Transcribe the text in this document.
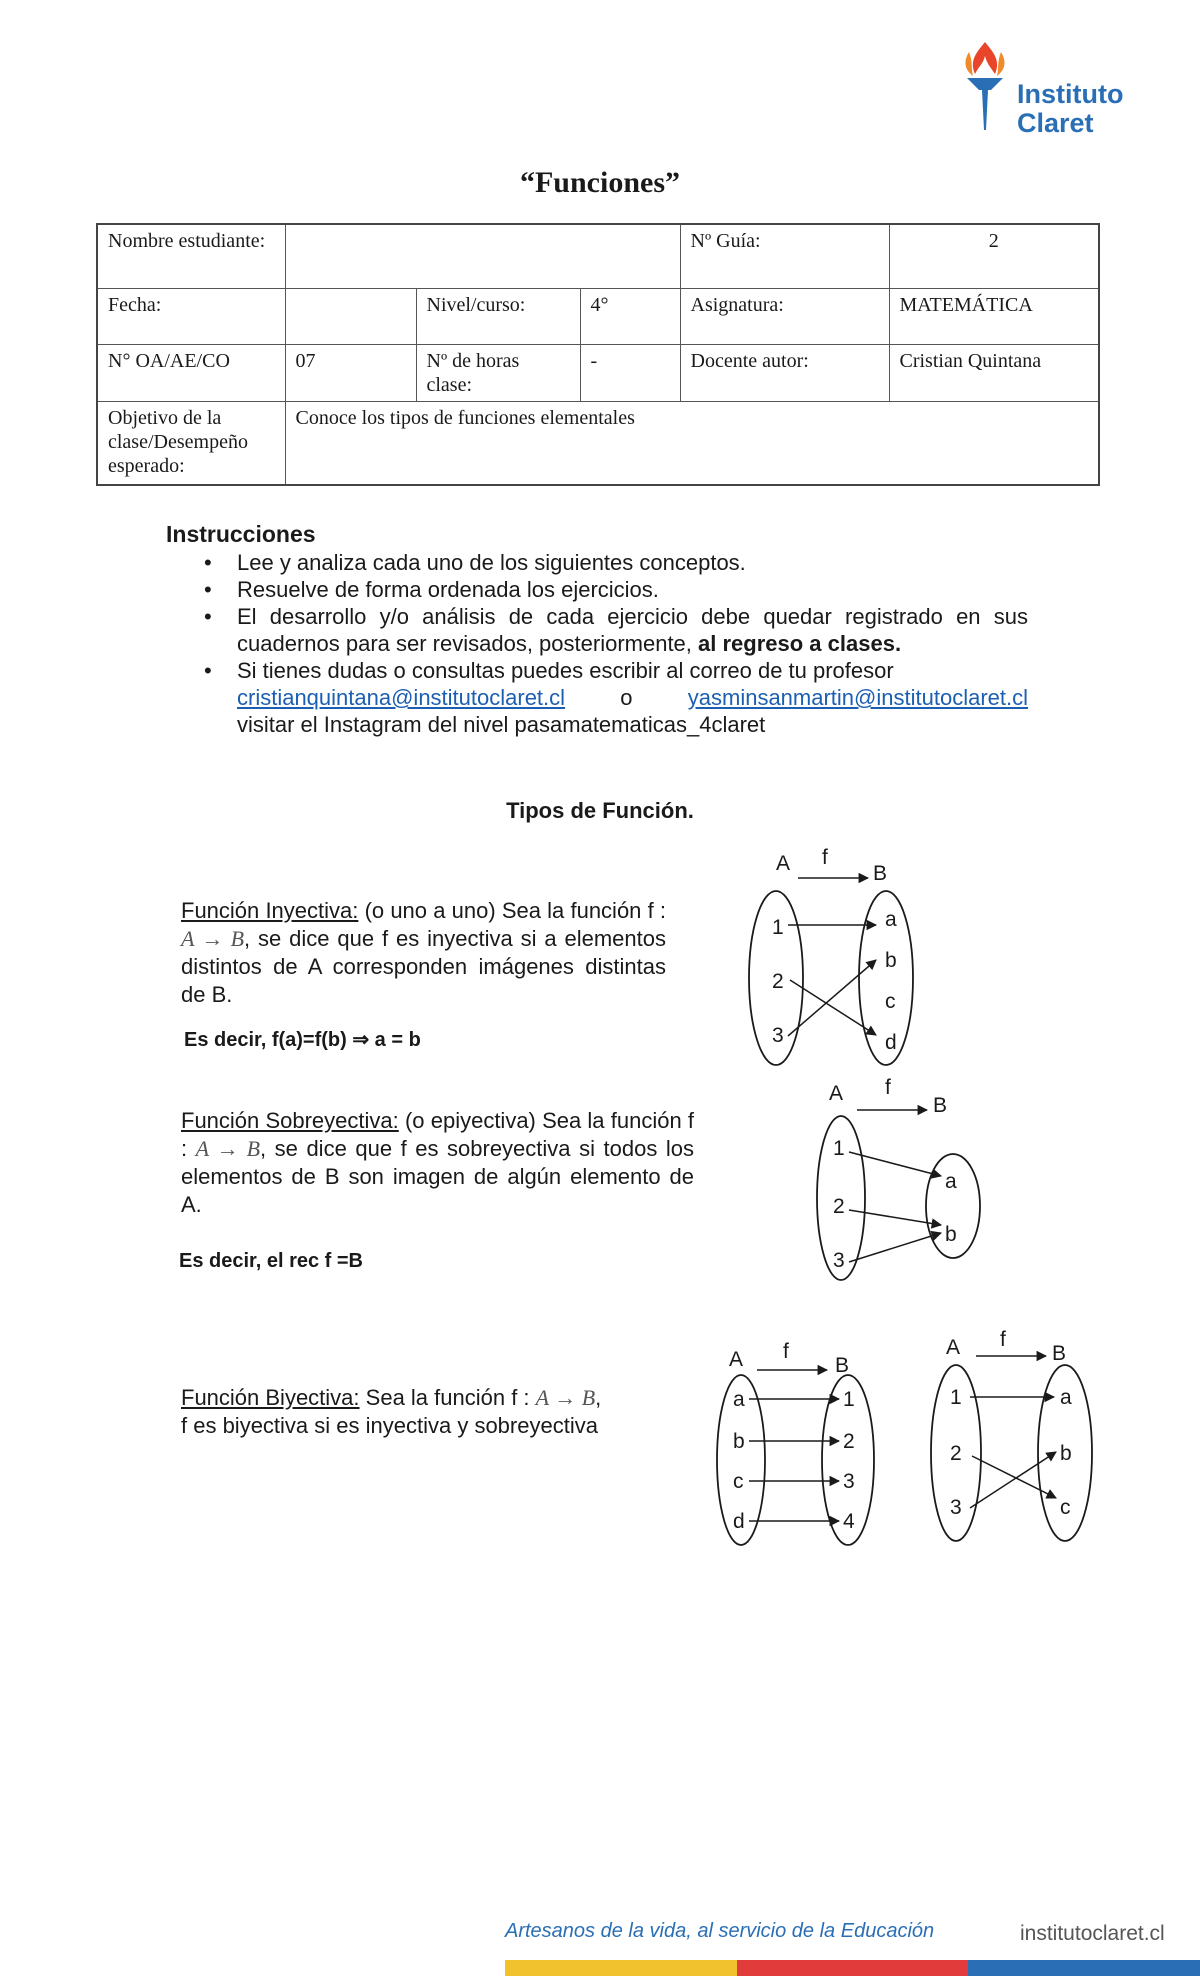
Instituto
Claret
“Funciones”
Nombre estudiante:				Nº Guía:	2
Fecha:		Nivel/curso:	4°	Asignatura:	MATEMÁTICA
N° OA/AE/CO	07	Nº de horas clase:	-	Docente autor:	Cristian Quintana
Objetivo de la clase/Desempeño esperado:	Conoce los tipos de funciones elementales				
Instrucciones
• Lee y analiza cada uno de los siguientes conceptos.
• Resuelve de forma ordenada los ejercicios.
• El desarrollo y/o análisis de cada ejercicio debe quedar registrado en sus cuadernos para ser revisados, posteriormente, al regreso a clases.
• Si tienes dudas o consultas puedes escribir al correo de tu profesor
cristianquintana@institutoclaret.cl	o	yasminsanmartin@institutoclaret.cl
visitar el Instagram del nivel pasamatematicas_4claret
Tipos de Función.
Función Inyectiva: (o uno a uno) Sea la función f : A → B, se dice que f es inyectiva si a elementos distintos de A corresponden imágenes distintas de B.
Es decir, f(a)=f(b) ⇒ a = b
A f
B
1
2
3
a
b
c
d
Función Sobreyectiva: (o epiyectiva) Sea la función f : A → B, se dice que f es sobreyectiva si todos los elementos de B son imagen de algún elemento de A.
Es decir, el rec f =B
A f
B
1
2
3
a
b
Función Biyectiva: Sea la función f : A → B,
f es biyectiva si es inyectiva y sobreyectiva
A f
B
a
b
c
d
1
2
3
4
A f
B
1
2
3
a
b
c
Artesanos de la vida, al servicio de la Educación	institutoclaret.cl
